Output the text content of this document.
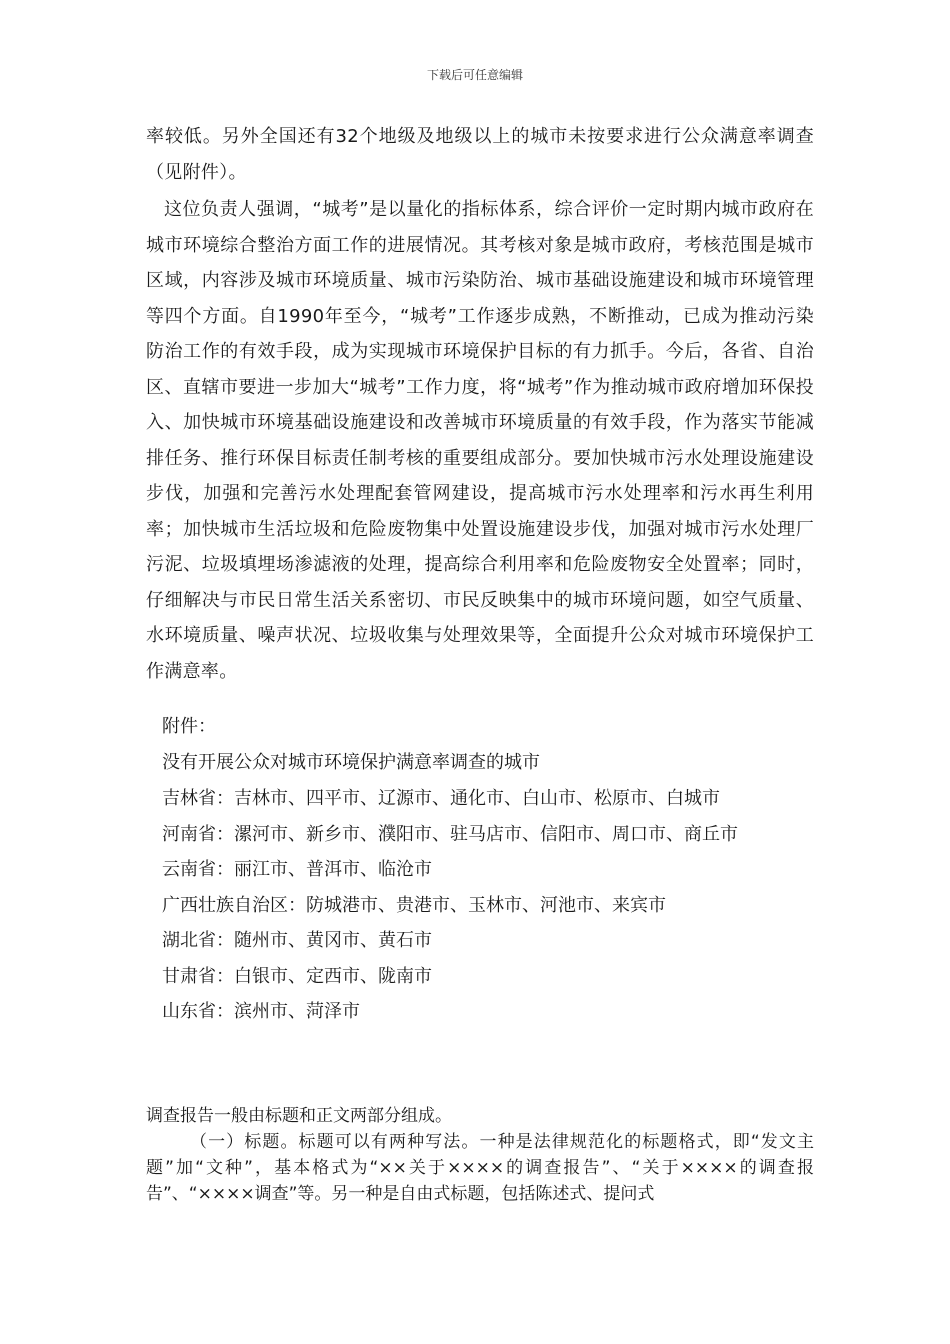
下载后可任意编辑

率较低。另外全国还有32个地级及地级以上的城市未按要求进行公众满意率调查（见附件）。

这位负责人强调，“城考”是以量化的指标体系，综合评价一定时期内城市政府在城市环境综合整治方面工作的进展情况。其考核对象是城市政府，考核范围是城市区域，内容涉及城市环境质量、城市污染防治、城市基础设施建设和城市环境管理等四个方面。自1990年至今，“城考”工作逐步成熟，不断推动，已成为推动污染防治工作的有效手段，成为实现城市环境保护目标的有力抓手。今后，各省、自治区、直辖市要进一步加大“城考”工作力度，将“城考”作为推动城市政府增加环保投入、加快城市环境基础设施建设和改善城市环境质量的有效手段，作为落实节能减排任务、推行环保目标责任制考核的重要组成部分。要加快城市污水处理设施建设步伐，加强和完善污水处理配套管网建设，提高城市污水处理率和污水再生利用率；加快城市生活垃圾和危险废物集中处置设施建设步伐，加强对城市污水处理厂污泥、垃圾填埋场渗滤液的处理，提高综合利用率和危险废物安全处置率；同时，仔细解决与市民日常生活关系密切、市民反映集中的城市环境问题，如空气质量、水环境质量、噪声状况、垃圾收集与处理效果等，全面提升公众对城市环境保护工作满意率。

附件：
没有开展公众对城市环境保护满意率调查的城市
吉林省：吉林市、四平市、辽源市、通化市、白山市、松原市、白城市
河南省：漯河市、新乡市、濮阳市、驻马店市、信阳市、周口市、商丘市
云南省：丽江市、普洱市、临沧市
广西壮族自治区：防城港市、贵港市、玉林市、河池市、来宾市
湖北省：随州市、黄冈市、黄石市
甘肃省：白银市、定西市、陇南市
山东省：滨州市、菏泽市

调查报告一般由标题和正文两部分组成。

（一）标题。标题可以有两种写法。一种是法律规范化的标题格式，即“发文主题”加“文种”，基本格式为“××关于××××的调查报告”、“关于××××的调查报告”、“××××调查”等。另一种是自由式标题，包括陈述式、提问式
